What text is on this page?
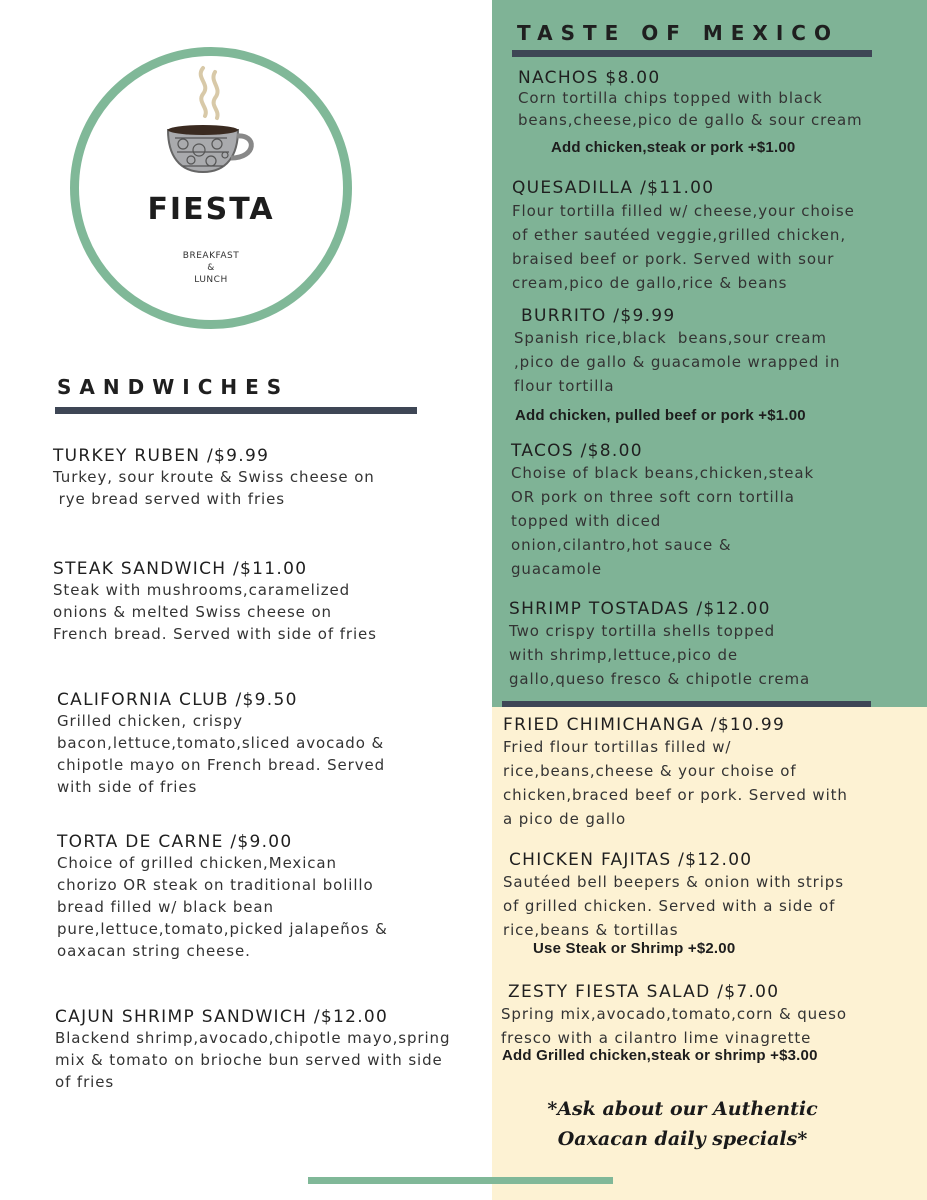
FIESTA
BREAKFAST
&
LUNCH
SANDWICHES
TURKEY RUBEN /$9.99
Turkey, sour kroute & Swiss cheese on
rye bread served with fries
STEAK SANDWICH /$11.00
Steak with mushrooms,caramelized
onions & melted Swiss cheese on
French bread. Served with side of fries
CALIFORNIA CLUB /$9.50
Grilled chicken, crispy
bacon,lettuce,tomato,sliced avocado &
chipotle mayo on French bread. Served
with side of fries
TORTA DE CARNE /$9.00
Choice of grilled chicken,Mexican
chorizo OR steak on traditional bolillo
bread filled w/ black bean
pure,lettuce,tomato,picked jalapeños &
oaxacan string cheese.
CAJUN SHRIMP SANDWICH /$12.00
Blackend shrimp,avocado,chipotle mayo,spring
mix & tomato on brioche bun served with side
of fries
TASTE OF MEXICO
NACHOS $8.00
Corn tortilla chips topped with black
beans,cheese,pico de gallo & sour cream
Add chicken,steak or pork +$1.00
QUESADILLA /$11.00
Flour tortilla filled w/ cheese,your choise
of ether sautéed veggie,grilled chicken,
braised beef or pork. Served with sour
cream,pico de gallo,rice & beans
BURRITO /$9.99
Spanish rice,black  beans,sour cream
,pico de gallo & guacamole wrapped in
flour tortilla
Add chicken, pulled beef or pork +$1.00
TACOS /$8.00
Choise of black beans,chicken,steak
OR pork on three soft corn tortilla
topped with diced
onion,cilantro,hot sauce &
guacamole
SHRIMP TOSTADAS /$12.00
Two crispy tortilla shells topped
with shrimp,lettuce,pico de
gallo,queso fresco & chipotle crema
FRIED CHIMICHANGA /$10.99
Fried flour tortillas filled w/
rice,beans,cheese & your choise of
chicken,braced beef or pork. Served with
a pico de gallo
CHICKEN FAJITAS /$12.00
Sautéed bell beepers & onion with strips
of grilled chicken. Served with a side of
rice,beans & tortillas
Use Steak or Shrimp +$2.00
ZESTY FIESTA SALAD /$7.00
Spring mix,avocado,tomato,corn & queso
fresco with a cilantro lime vinagrette
Add Grilled chicken,steak or shrimp +$3.00
*Ask about our Authentic
Oaxacan daily specials*
